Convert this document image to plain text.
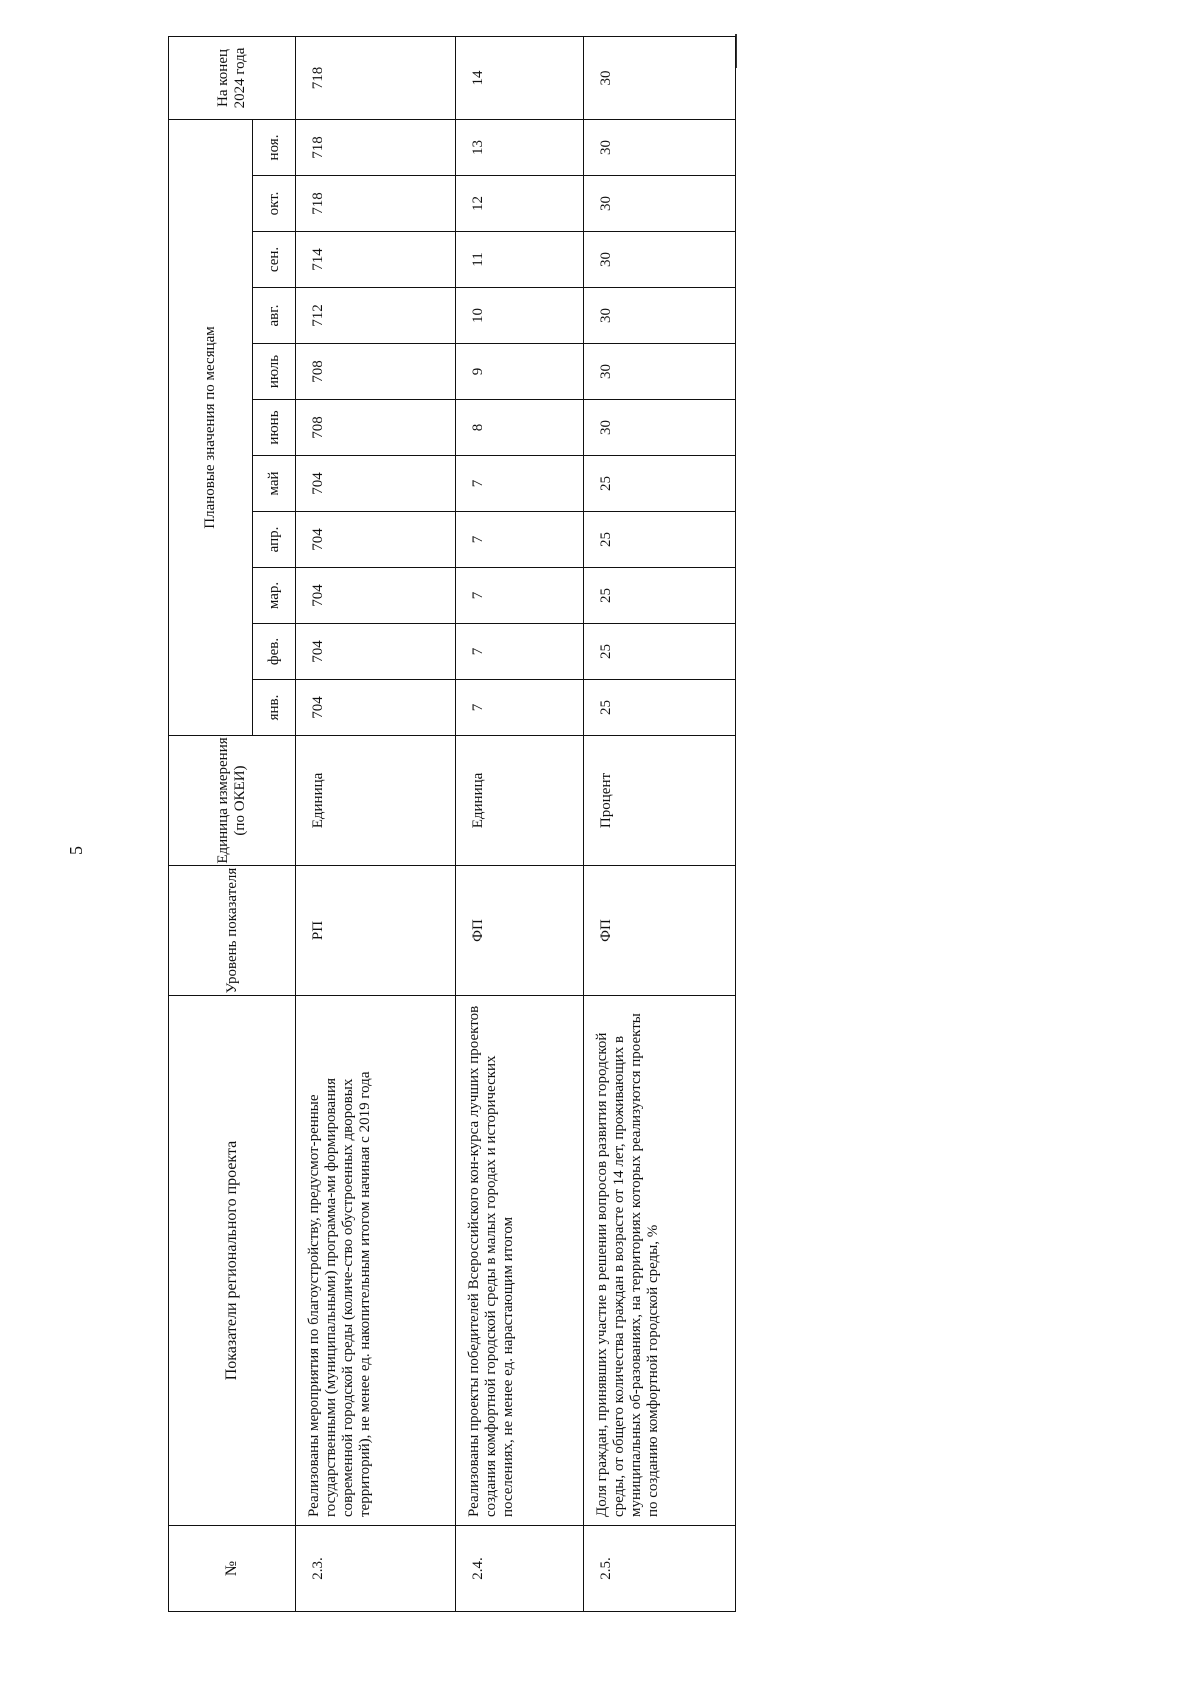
5
№	Показатели регионального проекта	Уровень показателя	Единица измерения (по ОКЕИ)	Плановые значения по месяцам											На конец 2024 года
				янв.	фев.	мар.	апр.	май	июнь	июль	авг.	сен.	окт.	ноя.	
2.3.	Реализованы мероприятия по благоустройству, предусмот-ренные государственными (муниципальными) программа-ми формирования современной городской среды (количе-ство обустроенных дворовых территорий), не менее ед. накопительным итогом начиная с 2019 года	РП	Единица	704	704	704	704	704	708	708	712	714	718	718	718
2.4.	Реализованы проекты победителей Всероссийского кон-курса лучших проектов создания комфортной городской среды в малых городах и исторических поселениях, не менее ед. нарастающим итогом	ФП	Единица	7	7	7	7	7	8	9	10	11	12	13	14
2.5.	Доля граждан, принявших участие в решении вопросов развития городской среды, от общего количества граждан в возрасте от 14 лет, проживающих в муниципальных об-разованиях, на территориях которых реализуются проекты по созданию комфортной городской среды, %	ФП	Процент	25	25	25	25	25	30	30	30	30	30	30	30
